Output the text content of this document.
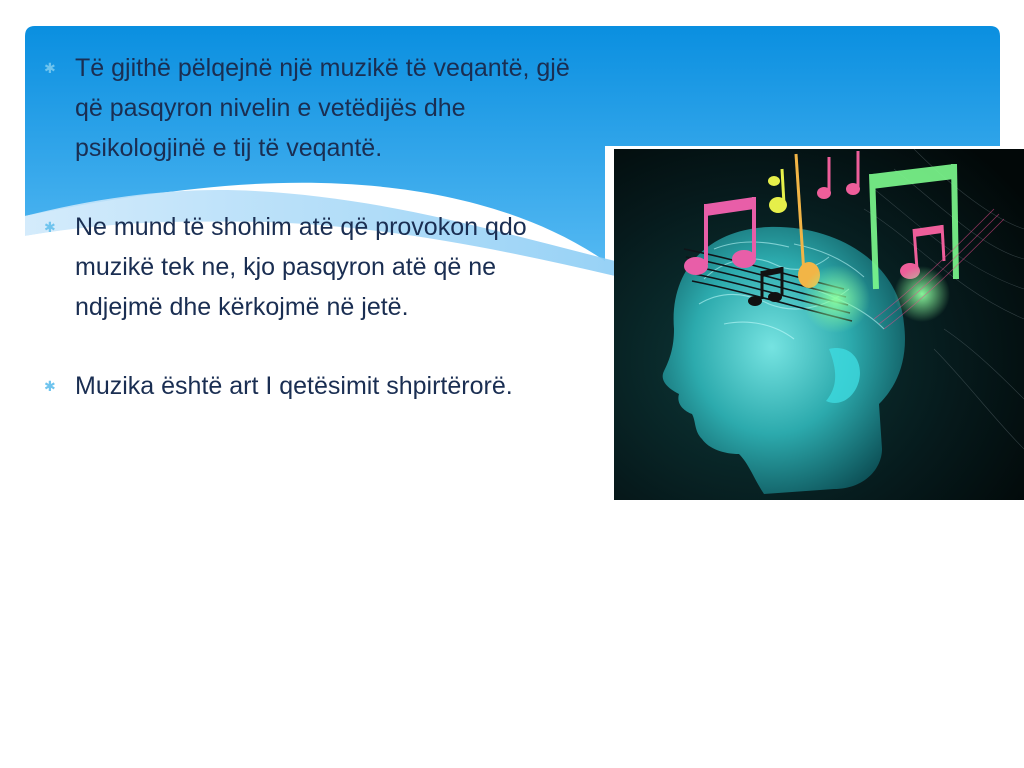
✱ Të gjithë pëlqejnë një muzikë të veqantë, gjë që pasqyron nivelin e vetëdijës dhe psikologjinë e tij të veqantë.
✱ Ne mund të shohim atë që provokon qdo muzikë tek ne, kjo pasqyron atë që ne ndjejmë dhe kërkojmë në jetë.
✱ Muzika është art I qetësimit shpirtërorë.
